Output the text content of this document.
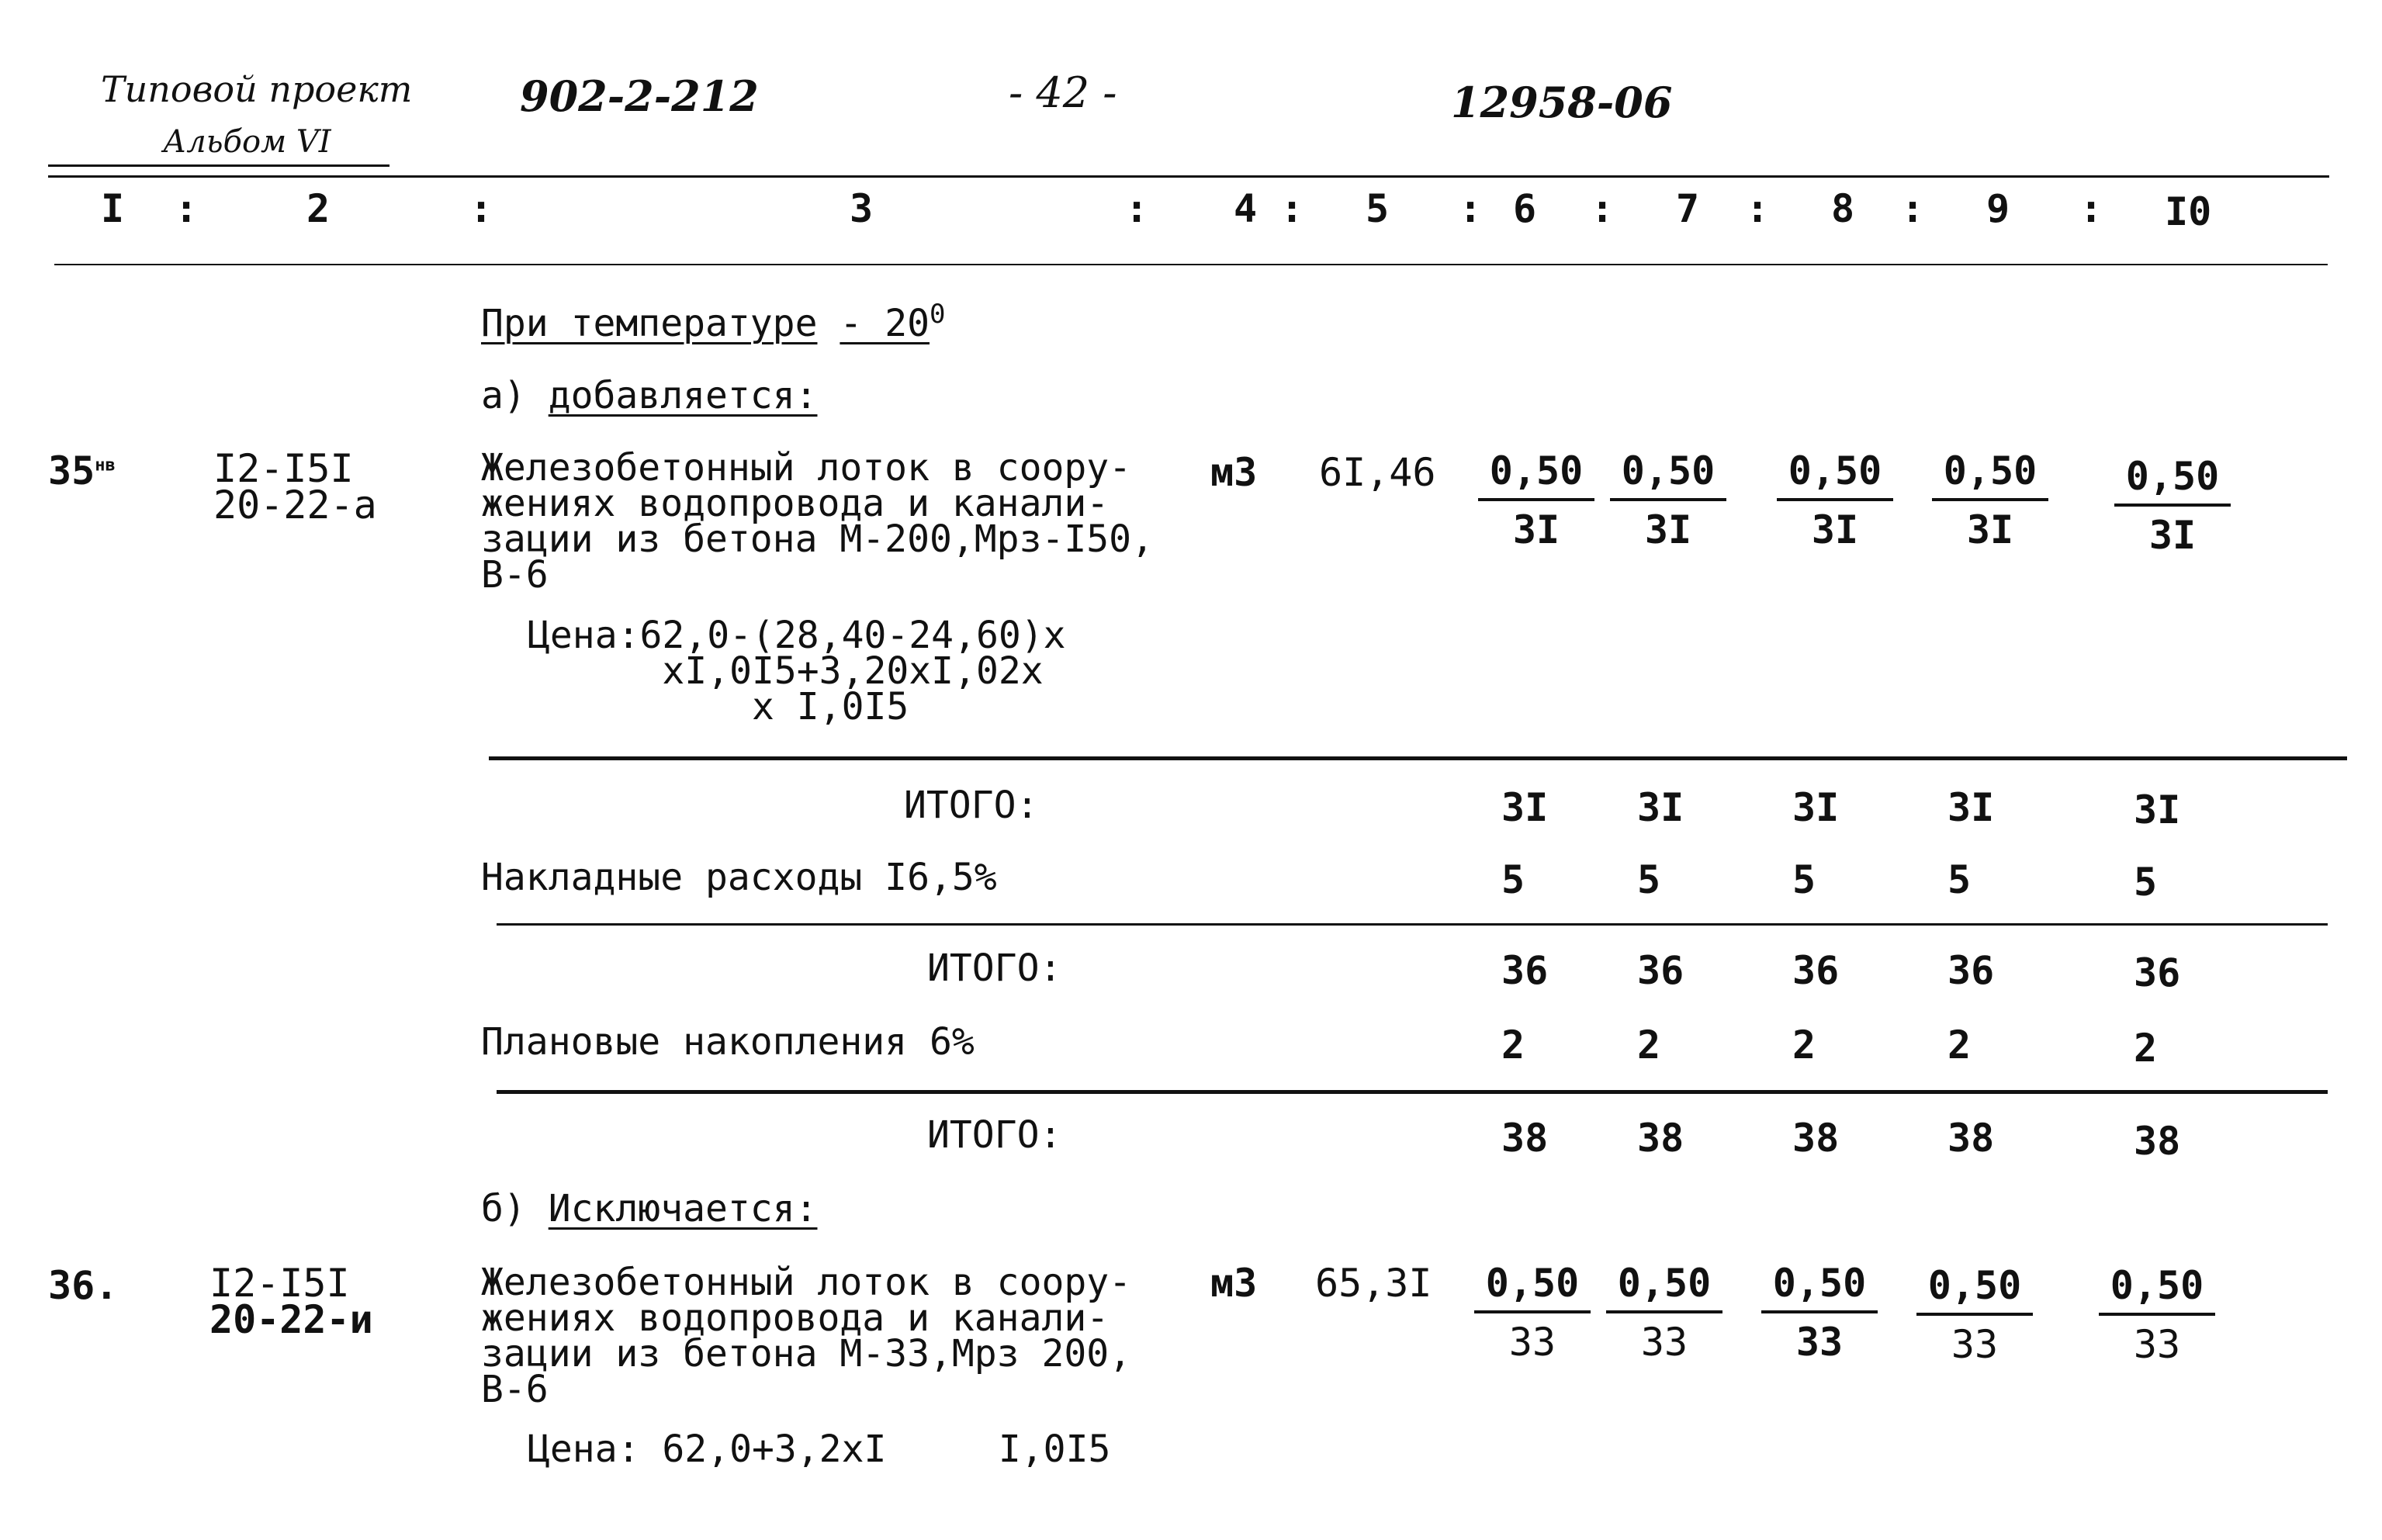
Типовой проект	902-2-212	- 42 -	12958-06
Альбом VI
I :	2	:	3	: 4 : 5 : 6 : 7 : 8 : 9 : I0
При температуре - $20^0$
а) добавляется:
$35^{нв}$	I2-I5I
20-22-а
Железобетонный лоток в соору-
жениях водопровода и канали-
зации из бетона М-200,Мрз-I50,
В-6
Цена:62,0-(28,40-24,60)х
хI,0I5+3,20хI,02х
х I,0I5
м3 $6I,46 \frac{0,50}{3I} \frac{0,50}{3I} \frac{0,50}{3I} \frac{0,50}{3I} \frac{0,50}{3I}$
ИТОГО:	3I 3I	3I	3I	3I
Накладные расходы I6,5%	5	5	5	5	5
ИТОГО:	36 36	36	36	36
Плановые накопления 6%	2	2	2	2	2
ИТОГО:	38 38	38	38	38
б) Исключается:
36. I2-I5I
20-22-и
Железобетонный лоток в соору-
жениях водопровода и канали-
зации из бетона М-33,Мрз 200,
В-6
Цена: 62,0+3,2хI     I,0I5
м3 $65,3I \frac{0,50}{33} \frac{0,50}{33} \frac{0,50}{33} \frac{0,50}{33} \frac{0,50}{33}$
